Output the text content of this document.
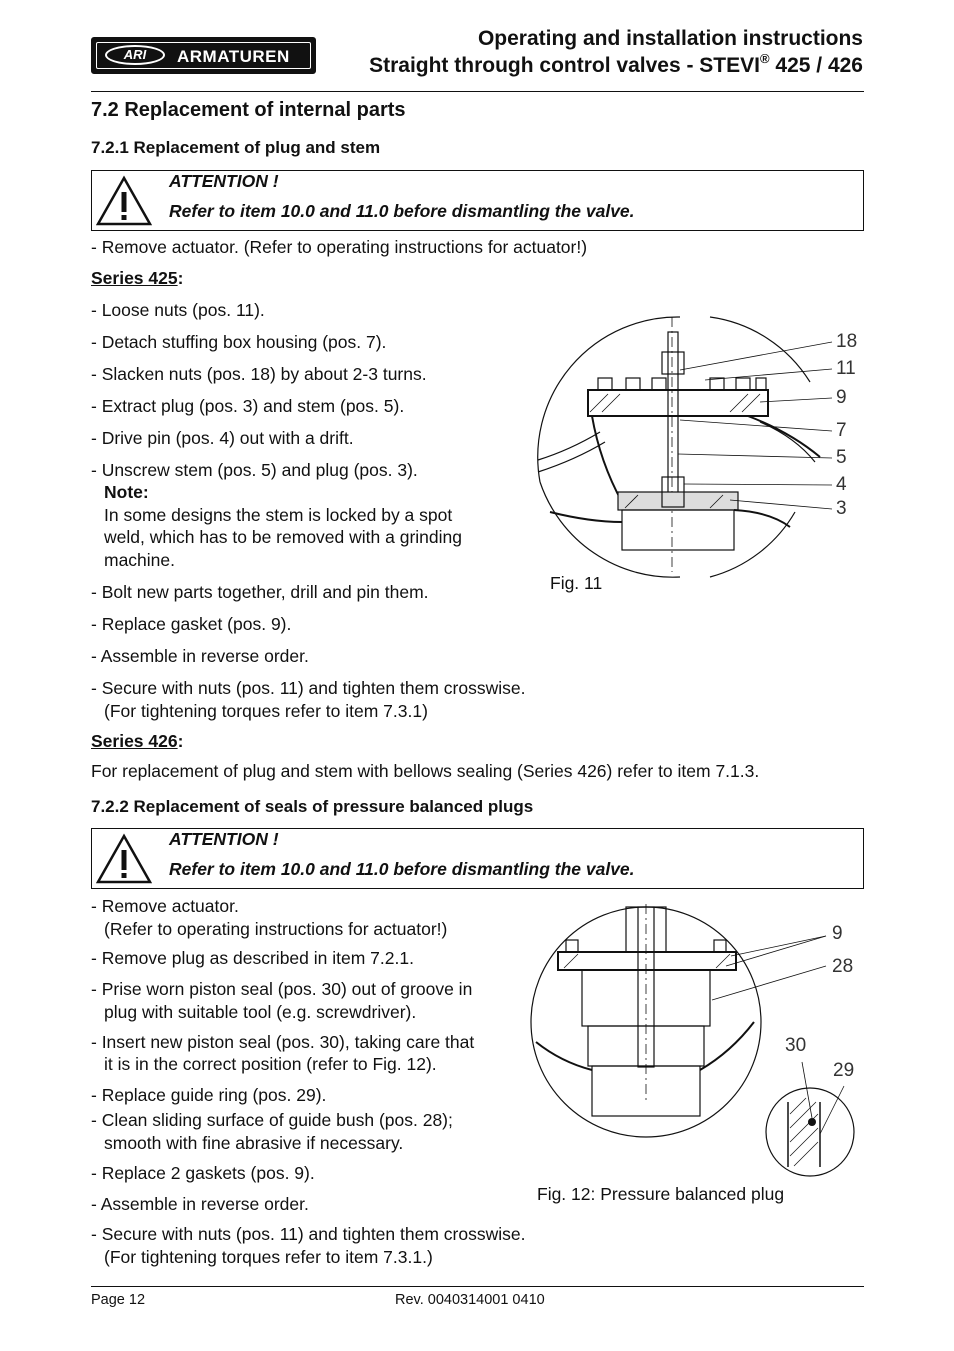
ARI	ARMATUREN
Operating and installation instructions
Straight through control valves - STEVI® 425 / 426
7.2 Replacement of internal parts
7.2.1 Replacement of plug and stem
ATTENTION !
Refer to item 10.0 and 11.0 before dismantling the valve.
- Remove actuator. (Refer to operating instructions for actuator!)
Series 425:
- Loose nuts (pos. 11).
- Detach stuffing box housing (pos. 7).
- Slacken nuts (pos. 18) by about 2-3 turns.
- Extract plug (pos. 3) and stem (pos. 5).
- Drive pin (pos. 4) out with a drift.
- Unscrew stem (pos. 5) and plug (pos. 3).
Note:
In some designs the stem is locked by a spot
weld, which has to be removed with a grinding
machine.
- Bolt new parts together, drill and pin them.
- Replace gasket (pos. 9).
- Assemble in reverse order.
- Secure with nuts (pos. 11) and tighten them crosswise.
(For tightening torques refer to item 7.3.1)
Series 426:
For replacement of plug and stem with bellows sealing (Series 426) refer to item 7.1.3.
18
11
9
7
5
4
3
Fig. 11
7.2.2 Replacement of seals of pressure balanced plugs
ATTENTION !
Refer to item 10.0 and 11.0 before dismantling the valve.
- Remove actuator.
(Refer to operating instructions for actuator!)
- Remove plug as described in item 7.2.1.
- Prise worn piston seal (pos. 30) out of groove in
plug with suitable tool (e.g. screwdriver).
- Insert new piston seal (pos. 30), taking care that
it is in the correct position (refer to Fig. 12).
- Replace guide ring (pos. 29).
- Clean sliding surface of guide bush (pos. 28);
smooth with fine abrasive if necessary.
- Replace 2 gaskets (pos. 9).
- Assemble in reverse order.
- Secure with nuts (pos. 11) and tighten them crosswise.
(For tightening torques refer to item 7.3.1.)
9
28
30
29
Fig. 12: Pressure balanced plug
Page 12	Rev. 0040314001 0410
